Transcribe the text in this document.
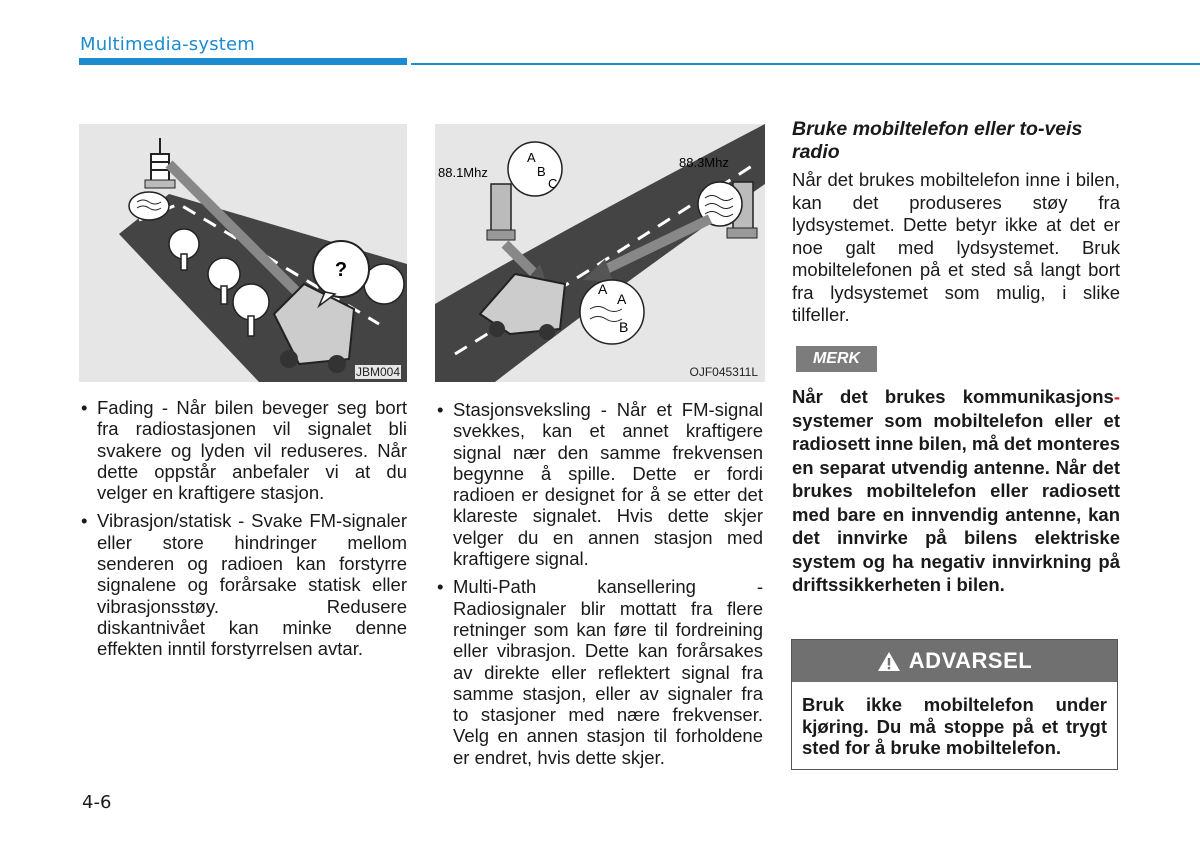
Multimedia-system
?
JBM004
88.1Mhz
88.3Mhz
A
B
C
A
A
B
OJF045311L
• Fading - Når bilen beveger seg bort fra radiostasjonen vil signalet bli svakere og lyden vil reduseres. Når dette oppstår anbefaler vi at du velger en kraftigere stasjon.
• Vibrasjon/statisk - Svake FM-signaler eller store hindringer mellom senderen og radioen kan forstyrre signalene og forårsake statisk eller vibrasjonsstøy. Redusere diskantnivået kan minke denne effekten inntil forstyrrelsen avtar.
• Stasjonsveksling - Når et FM-signal svekkes, kan et annet kraftigere signal nær den samme frekvensen begynne å spille. Dette er fordi radioen er designet for å se etter det klareste signalet. Hvis dette skjer velger du en annen stasjon med kraftigere signal.
• Multi-Path kansellering - Radiosignaler blir mottatt fra flere retninger som kan føre til fordreining eller vibrasjon. Dette kan forårsakes av direkte eller reflektert signal fra samme stasjon, eller av signaler fra to stasjoner med nære frekvenser. Velg en annen stasjon til forholdene er endret, hvis dette skjer.
Bruke mobiltelefon eller to-veis radio
Når det brukes mobiltelefon inne i bilen, kan det produseres støy fra lydsystemet. Dette betyr ikke at det er noe galt med lydsystemet. Bruk mobiltelefonen på et sted så langt bort fra lydsystemet som mulig, i slike tilfeller.
MERK
Når det brukes kommunikasjons- systemer som mobiltelefon eller et radiosett inne bilen, må det monteres en separat utvendig antenne. Når det brukes mobiltelefon eller radiosett med bare en innvendig antenne, kan det innvirke på bilens elektriske system og ha negativ innvirkning på driftssikkerheten i bilen.
ADVARSEL
Bruk ikke mobiltelefon under kjøring. Du må stoppe på et trygt sted for å bruke mobiltelefon.
4-6
